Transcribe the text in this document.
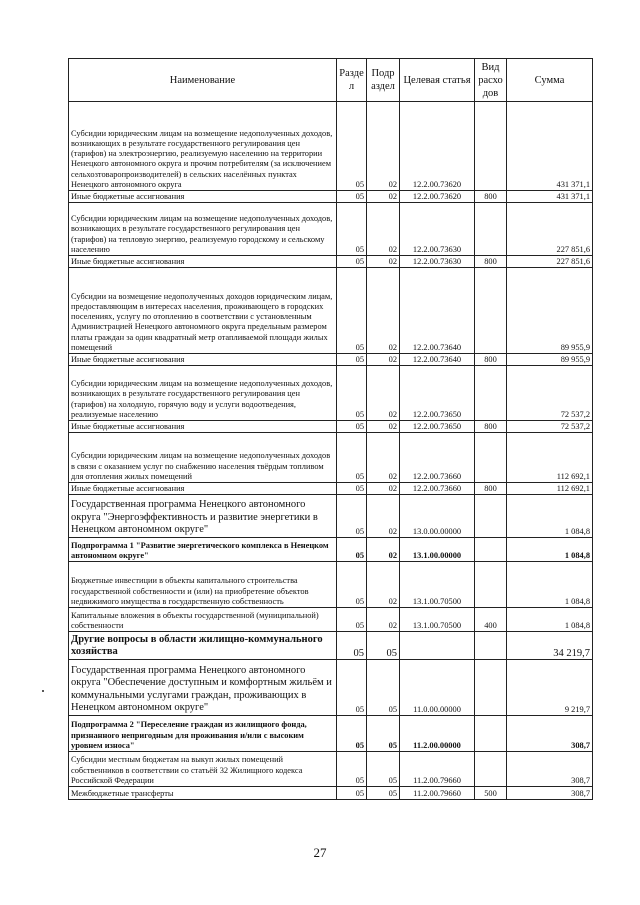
Наименование	Разде л	Подр аздел	Целевая статья	Вид расхо дов	Сумма
Субсидии юридическим лицам на возмещение недополученных доходов, возникающих в результате государственного регулирования цен (тарифов) на электроэнергию, реализуемую населению на территории Ненецкого автономного округа и прочим потребителям (за исключением сельхозтоваропроизводителей) в сельских населённых пунктах Ненецкого автономного округа	05	02	12.2.00.73620		431 371,1
Иные бюджетные ассигнования	05	02	12.2.00.73620	800	431 371,1
Субсидии юридическим лицам на возмещение недополученных доходов, возникающих в результате государственного регулирования цен (тарифов) на тепловую энергию, реализуемую городскому и сельскому населению	05	02	12.2.00.73630		227 851,6
Иные бюджетные ассигнования	05	02	12.2.00.73630	800	227 851,6
Субсидии на возмещение недополученных доходов юридическим лицам, предоставляющим в интересах населения, проживающего в городских поселениях, услугу по отоплению в соответствии с установленным Администрацией Ненецкого автономного округа предельным размером платы граждан за один квадратный метр отапливаемой площади жилых помещений	05	02	12.2.00.73640		89 955,9
Иные бюджетные ассигнования	05	02	12.2.00.73640	800	89 955,9
Субсидии юридическим лицам на возмещение недополученных доходов, возникающих в результате государственного регулирования цен (тарифов) на холодную, горячую воду и услуги водоотведения, реализуемые населению	05	02	12.2.00.73650		72 537,2
Иные бюджетные ассигнования	05	02	12.2.00.73650	800	72 537,2
Субсидии юридическим лицам на возмещение недополученных доходов в связи с оказанием услуг по снабжению населения твёрдым топливом для отопления жилых помещений	05	02	12.2.00.73660		112 692,1
Иные бюджетные ассигнования	05	02	12.2.00.73660	800	112 692,1
Государственная программа Ненецкого автономного округа "Энергоэффективность и развитие энергетики в Ненецком автономном округе"	05	02	13.0.00.00000		1 084,8
Подпрограмма 1 "Развитие энергетического комплекса в Ненецком автономном округе"	05	02	13.1.00.00000		1 084,8
Бюджетные инвестиции в объекты капитального строительства государственной собственности и (или) на приобретение объектов недвижимого имущества в государственную собственность	05	02	13.1.00.70500		1 084,8
Капитальные вложения в объекты государственной (муниципальной) собственности	05	02	13.1.00.70500	400	1 084,8
Другие вопросы в области жилищно-коммунального хозяйства	05	05			34 219,7
Государственная программа Ненецкого автономного округа "Обеспечение доступным и комфортным жильём и коммунальными услугами граждан, проживающих в Ненецком автономном округе"	05	05	11.0.00.00000		9 219,7
Подпрограмма 2 "Переселение граждан из жилищного фонда, признанного непригодным для проживания и/или с высоким уровнем износа"	05	05	11.2.00.00000		308,7
Субсидии местным бюджетам на выкуп жилых помещений собственников в соответствии со статьёй 32 Жилищного кодекса Российской Федерации	05	05	11.2.00.79660		308,7
Межбюджетные трансферты	05	05	11.2.00.79660	500	308,7
27
